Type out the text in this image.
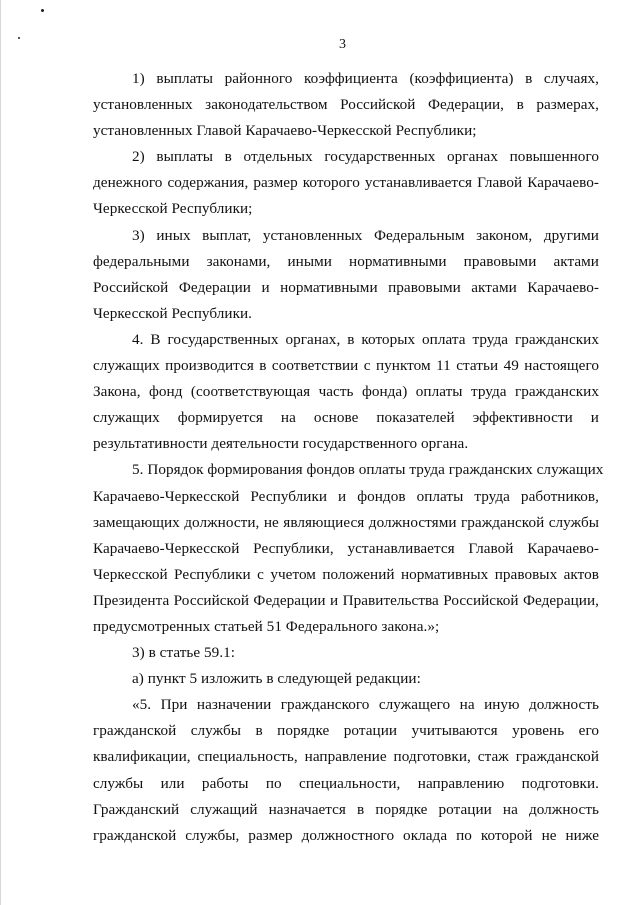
3

1) выплаты районного коэффициента (коэффициента) в случаях,
установленных законодательством Российской Федерации, в размерах,
установленных Главой Карачаево-Черкесской Республики;

2) выплаты в отдельных государственных органах повышенного
денежного содержания, размер которого устанавливается Главой Карачаево-
Черкесской Республики;

3) иных выплат, установленных Федеральным законом, другими
федеральными законами, иными нормативными правовыми актами
Российской Федерации и нормативными правовыми актами Карачаево-
Черкесской Республики.

4. В государственных органах, в которых оплата труда гражданских
служащих производится в соответствии с пунктом 11 статьи 49 настоящего
Закона, фонд (соответствующая часть фонда) оплаты труда гражданских
служащих формируется на основе показателей эффективности и
результативности деятельности государственного органа.

5. Порядок формирования фондов оплаты труда гражданских служащих
Карачаево-Черкесской Республики и фондов оплаты труда работников,
замещающих должности, не являющиеся должностями гражданской службы
Карачаево-Черкесской Республики, устанавливается Главой Карачаево-
Черкесской Республики с учетом положений нормативных правовых актов
Президента Российской Федерации и Правительства Российской Федерации,
предусмотренных статьей 51 Федерального закона.»;

3) в статье 59.1:

а) пункт 5 изложить в следующей редакции:

«5. При назначении гражданского служащего на иную должность
гражданской службы в порядке ротации учитываются уровень его
квалификации, специальность, направление подготовки, стаж гражданской
службы или работы по специальности, направлению подготовки.
Гражданский служащий назначается в порядке ротации на должность
гражданской службы, размер должностного оклада по которой не ниже
